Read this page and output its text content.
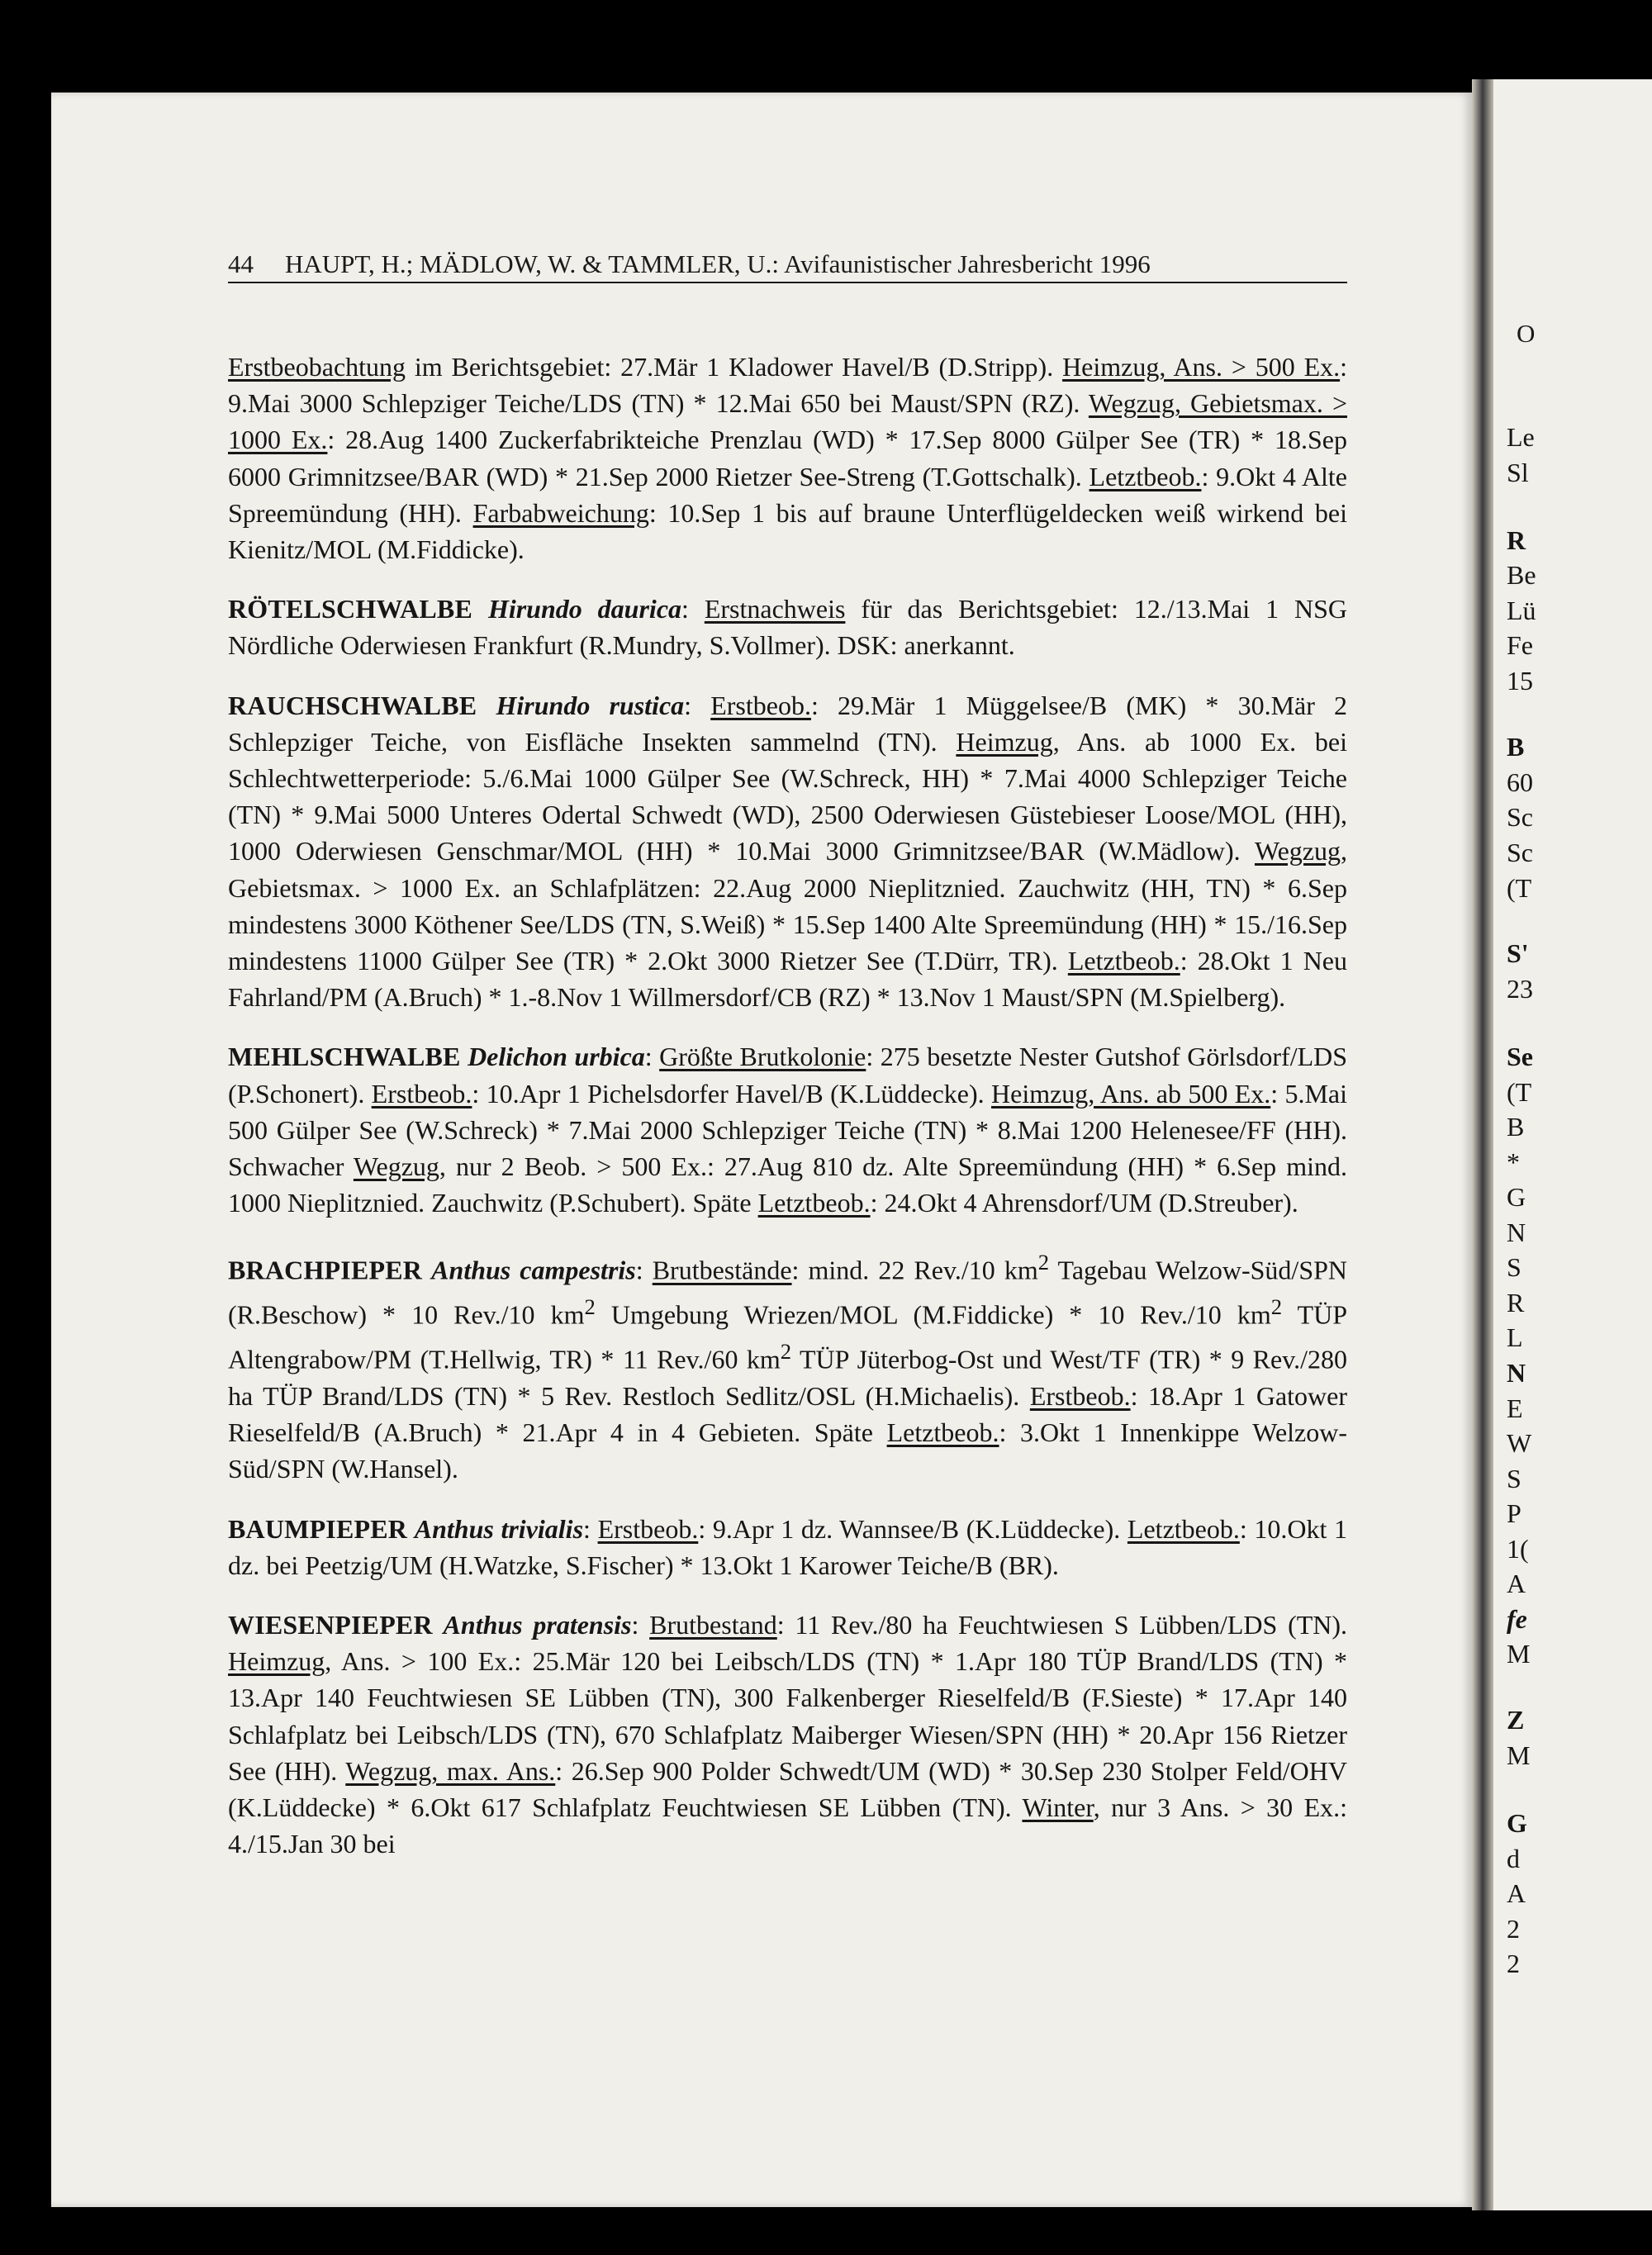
44 HAUPT, H.; MÄDLOW, W. & TAMMLER, U.: Avifaunistischer Jahresbericht 1996

Erstbeobachtung im Berichtsgebiet: 27.Mär 1 Kladower Havel/B (D.Stripp). Heimzug, Ans. > 500 Ex.: 9.Mai 3000 Schlepziger Teiche/LDS (TN) * 12.Mai 650 bei Maust/SPN (RZ). Wegzug, Gebietsmax. > 1000 Ex.: 28.Aug 1400 Zuckerfabrikteiche Prenzlau (WD) * 17.Sep 8000 Gülper See (TR) * 18.Sep 6000 Grimnitzsee/BAR (WD) * 21.Sep 2000 Rietzer See-Streng (T.Gottschalk). Letztbeob.: 9.Okt 4 Alte Spreemündung (HH). Farbabweichung: 10.Sep 1 bis auf braune Unterflügeldecken weiß wirkend bei Kienitz/MOL (M.Fiddicke).

RÖTELSCHWALBE Hirundo daurica: Erstnachweis für das Berichtsgebiet: 12./13.Mai 1 NSG Nördliche Oderwiesen Frankfurt (R.Mundry, S.Vollmer). DSK: anerkannt.

RAUCHSCHWALBE Hirundo rustica: Erstbeob.: 29.Mär 1 Müggelsee/B (MK) * 30.Mär 2 Schlepziger Teiche, von Eisfläche Insekten sammelnd (TN). Heimzug, Ans. ab 1000 Ex. bei Schlechtwetterperiode: 5./6.Mai 1000 Gülper See (W.Schreck, HH) * 7.Mai 4000 Schlepziger Teiche (TN) * 9.Mai 5000 Unteres Odertal Schwedt (WD), 2500 Oderwiesen Güstebieser Loose/MOL (HH), 1000 Oderwiesen Genschmar/MOL (HH) * 10.Mai 3000 Grimnitzsee/BAR (W.Mädlow). Wegzug, Gebietsmax. > 1000 Ex. an Schlafplätzen: 22.Aug 2000 Nieplitznied. Zauchwitz (HH, TN) * 6.Sep mindestens 3000 Köthener See/LDS (TN, S.Weiß) * 15.Sep 1400 Alte Spreemündung (HH) * 15./16.Sep mindestens 11000 Gülper See (TR) * 2.Okt 3000 Rietzer See (T.Dürr, TR). Letztbeob.: 28.Okt 1 Neu Fahrland/PM (A.Bruch) * 1.-8.Nov 1 Willmersdorf/CB (RZ) * 13.Nov 1 Maust/SPN (M.Spielberg).

MEHLSCHWALBE Delichon urbica: Größte Brutkolonie: 275 besetzte Nester Gutshof Görlsdorf/LDS (P.Schonert). Erstbeob.: 10.Apr 1 Pichelsdorfer Havel/B (K.Lüddecke). Heimzug, Ans. ab 500 Ex.: 5.Mai 500 Gülper See (W.Schreck) * 7.Mai 2000 Schlepziger Teiche (TN) * 8.Mai 1200 Helenesee/FF (HH). Schwacher Wegzug, nur 2 Beob. > 500 Ex.: 27.Aug 810 dz. Alte Spreemündung (HH) * 6.Sep mind. 1000 Nieplitznied. Zauchwitz (P.Schubert). Späte Letztbeob.: 24.Okt 4 Ahrensdorf/UM (D.Streuber).

BRACHPIEPER Anthus campestris: Brutbestände: mind. 22 Rev./10 $km^2$ Tagebau Welzow-Süd/SPN (R.Beschow) * 10 Rev./10 $km^2$ Umgebung Wriezen/MOL (M.Fiddicke) * 10 Rev./10 $km^2$ TÜP Altengrabow/PM (T.Hellwig, TR) * 11 Rev./60 $km^2$ TÜP Jüterbog-Ost und West/TF (TR) * 9 Rev./280 ha TÜP Brand/LDS (TN) * 5 Rev. Restloch Sedlitz/OSL (H.Michaelis). Erstbeob.: 18.Apr 1 Gatower Rieselfeld/B (A.Bruch) * 21.Apr 4 in 4 Gebieten. Späte Letztbeob.: 3.Okt 1 Innenkippe Welzow-Süd/SPN (W.Hansel).

BAUMPIEPER Anthus trivialis: Erstbeob.: 9.Apr 1 dz. Wannsee/B (K.Lüddecke). Letztbeob.: 10.Okt 1 dz. bei Peetzig/UM (H.Watzke, S.Fischer) * 13.Okt 1 Karower Teiche/B (BR).

WIESENPIEPER Anthus pratensis: Brutbestand: 11 Rev./80 ha Feuchtwiesen S Lübben/LDS (TN). Heimzug, Ans. > 100 Ex.: 25.Mär 120 bei Leibsch/LDS (TN) * 1.Apr 180 TÜP Brand/LDS (TN) * 13.Apr 140 Feuchtwiesen SE Lübben (TN), 300 Falkenberger Rieselfeld/B (F.Sieste) * 17.Apr 140 Schlafplatz bei Leibsch/LDS (TN), 670 Schlafplatz Maiberger Wiesen/SPN (HH) * 20.Apr 156 Rietzer See (HH). Wegzug, max. Ans.: 26.Sep 900 Polder Schwedt/UM (WD) * 30.Sep 230 Stolper Feld/OHV (K.Lüddecke) * 6.Okt 617 Schlafplatz Feuchtwiesen SE Lübben (TN). Winter, nur 3 Ans. > 30 Ex.: 4./15.Jan 30 bei

O
Le
Sl
R
Be
Lü
Fe
15
B
60
Sc
Sc
(T
S'
23
Se
(T
B
*
G
N
S
R
L
N
E
W
S
P
1(
A
fe
M
Z
M
G
d
A
2
2
